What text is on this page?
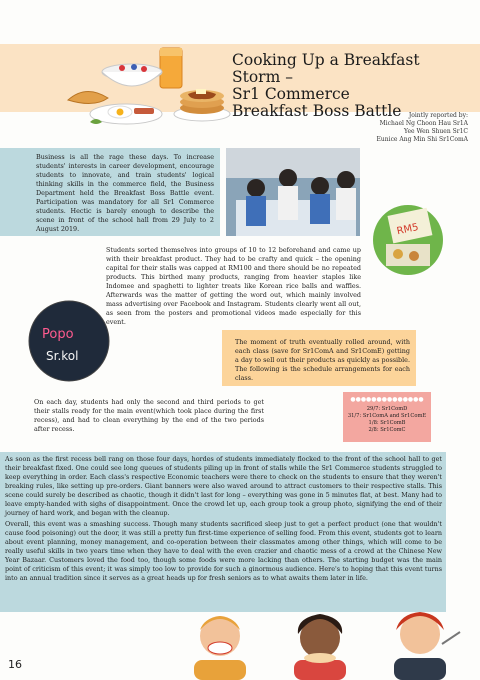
Cooking Up a Breakfast Storm –
Sr1 Commerce
Breakfast Boss Battle	Jointly reported by:
Michael Ng Choon Hau Sr1A
Yee Wen Shuen Sr1C
Eunice Ang Min Shi Sr1ComA
Business is all the rage these days. To increase students' interests in career development, encourage students to innovate, and train students' logical thinking skills in the commerce field, the Business Department held the Breakfast Boss Battle event. Participation was mandatory for all Sr1 Commerce students. Hectic is barely enough to describe the scene in front of the school hall from 29 July to 2 August 2019.	RM5
Students sorted themselves into groups of 10 to 12 beforehand and came up with their breakfast product. They had to be crafty and quick – the opening capital for their stalls was capped at RM100 and there should be no repeated products. This birthed many products, ranging from heavier staples like Indomee and spaghetti to lighter treats like Korean rice balls and waffles. Afterwards was the matter of getting the word out, which mainly involved mass advertising over Facebook and Instagram. Students clearly went all out, as seen from the posters and promotional videos made especially for this event.
Popo
Sr.kol
The moment of truth eventually rolled around, with each class (save for Sr1ComA and Sr1ComE) getting a day to sell out their products as quickly as possible. The following is the schedule arrangements for each class.
On each day, students had only the second and third periods to get their stalls ready for the main event(which took place during the first recess), and had to clean everything by the end of the two periods after recess.
●●●●●●●●●●●●●●
29/7: Sr1ComD
31/7: Sr1ComA and Sr1ComE
1/8: Sr1ComB
2/8: Sr1ComC
As soon as the first recess bell rang on those four days, hordes of students immediately flocked to the front of the school hall to get their breakfast fixed. One could see long queues of students piling up in front of stalls while the Sr1 Commerce students struggled to keep everything in order. Each class's respective Economic teachers were there to check on the students to ensure that they weren't breaking rules, like setting up pre-orders. Giant banners were also waved around to attract customers to their respective stalls. This scene could surely be described as chaotic, though it didn't last for long – everything was gone in 5 minutes flat, at best. Many had to leave empty-handed with sighs of disappointment. Once the crowd let up, each group took a group photo, signifying the end of their journey of hard work, and began with the cleanup.
Overall, this event was a smashing success. Though many students sacrificed sleep just to get a perfect product (one that wouldn't cause food poisoning) out the door, it was still a pretty fun first-time experience of selling food. From this event, students got to learn about event planning, money management, and co-operation between their classmates among other things, which will come to be really useful skills in two years time when they have to deal with the even crazier and chaotic mess of a crowd at the Chinese New Year Bazaar. Customers loved the food too, though some foods were more lacking than others. The starting budget was the main point of criticism of this event; it was simply too low to provide for such a ginormous audience. Here's to hoping that this event turns into an annual tradition since it serves as a great heads up for fresh seniors as to what awaits them later in life.
16
